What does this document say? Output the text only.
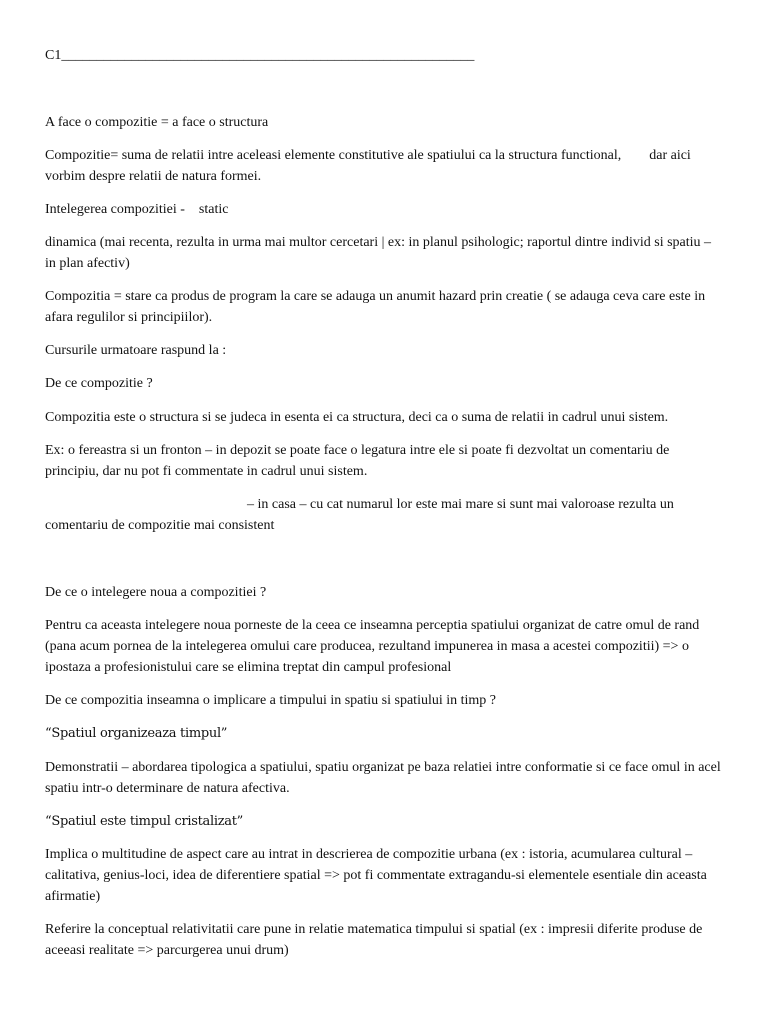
C1___________________________________________________________

A face o compozitie = a face o structura

Compozitie= suma de relatii intre aceleasi elemente constitutive ale spatiului ca la structura functional,        dar aici vorbim despre relatii de natura formei.

Intelegerea compozitiei -    static

dinamica (mai recenta, rezulta in urma mai multor cercetari | ex: in planul psihologic; raportul dintre individ si spatiu – in plan afectiv)

Compozitia = stare ca produs de program la care se adauga un anumit hazard prin creatie ( se adauga ceva care este in afara regulilor si principiilor).

Cursurile urmatoare raspund la :

De ce compozitie ?

Compozitia este o structura si se judeca in esenta ei ca structura, deci ca o suma de relatii in cadrul unui sistem.

Ex: o fereastra si un fronton – in depozit se poate face o legatura intre ele si poate fi dezvoltat un comentariu de principiu, dar nu pot fi commentate in cadrul unui sistem.

– in casa – cu cat numarul lor este mai mare si sunt mai valoroase rezulta un comentariu de compozitie mai consistent

De ce o intelegere noua a compozitiei ?

Pentru ca aceasta intelegere noua porneste de la ceea ce inseamna perceptia spatiului organizat de catre omul de rand (pana acum pornea de la intelegerea omului care producea, rezultand impunerea in masa a acestei compozitii) => o ipostaza a profesionistului care se elimina treptat din campul profesional

De ce compozitia inseamna o implicare a timpului in spatiu si spatiului in timp ?

“Spatiul organizeaza timpul”

Demonstratii – abordarea tipologica a spatiului, spatiu organizat pe baza relatiei intre conformatie si ce face omul in acel spatiu intr-o determinare de natura afectiva.

“Spatiul este timpul cristalizat”

Implica o multitudine de aspect care au intrat in descrierea de compozitie urbana (ex : istoria, acumularea cultural – calitativa, genius-loci, idea de diferentiere spatial => pot fi commentate extragandu-si elementele esentiale din aceasta afirmatie)

Referire la conceptual relativitatii care pune in relatie matematica timpului si spatial (ex : impresii diferite produse de aceeasi realitate => parcurgerea unui drum)
